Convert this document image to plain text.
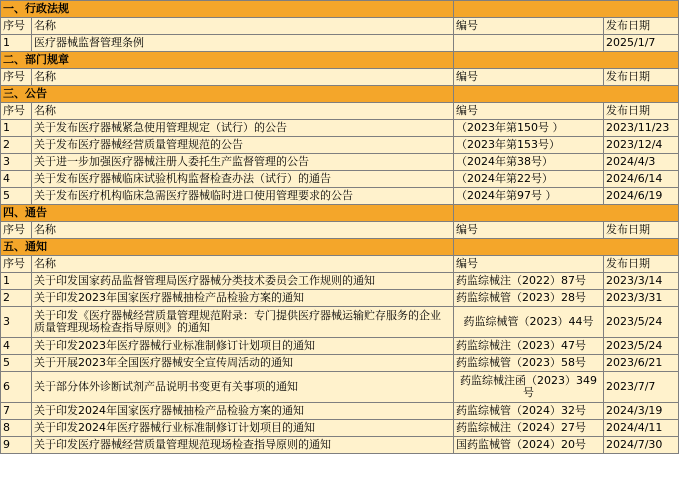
一、行政法规			
序号	名称	编号	发布日期
1	医疗器械监督管理条例		2025/1/7
二、部门规章			
序号	名称	编号	发布日期
三、公告			
序号	名称	编号	发布日期
1	关于发布医疗器械紧急使用管理规定（试行）的公告	（2023年第150号 ）	2023/11/23
2	关于发布医疗器械经营质量管理规范的公告	（2023年第153号）	2023/12/4
3	关于进一步加强医疗器械注册人委托生产监督管理的公告	（2024年第38号）	2024/4/3
4	关于发布医疗器械临床试验机构监督检查办法（试行）的通告	（2024年第22号）	2024/6/14
5	关于发布医疗机构临床急需医疗器械临时进口使用管理要求的公告	（2024年第97号 ）	2024/6/19
四、通告			
序号	名称	编号	发布日期
五、通知			
序号	名称	编号	发布日期
1	关于印发国家药品监督管理局医疗器械分类技术委员会工作规则的通知	药监综械注（2022）87号	2023/3/14
2	关于印发2023年国家医疗器械抽检产品检验方案的通知	药监综械管（2023）28号	2023/3/31
3	关于印发《医疗器械经营质量管理规范附录：专门提供医疗器械运输贮存服务的企业质量管理现场检查指导原则》的通知	药监综械管（2023）44号	2023/5/24
4	关于印发2023年医疗器械行业标准制修订计划项目的通知	药监综械注（2023）47号	2023/5/24
5	关于开展2023年全国医疗器械安全宣传周活动的通知	药监综械管（2023）58号	2023/6/21
6	关于部分体外诊断试剂产品说明书变更有关事项的通知	药监综械注函（2023）349号	2023/7/7
7	关于印发2024年国家医疗器械抽检产品检验方案的通知	药监综械管（2024）32号	2024/3/19
8	关于印发2024年医疗器械行业标准制修订计划项目的通知	药监综械注（2024）27号	2024/4/11
9	关于印发医疗器械经营质量管理规范现场检查指导原则的通知	国药监械管（2024）20号	2024/7/30
